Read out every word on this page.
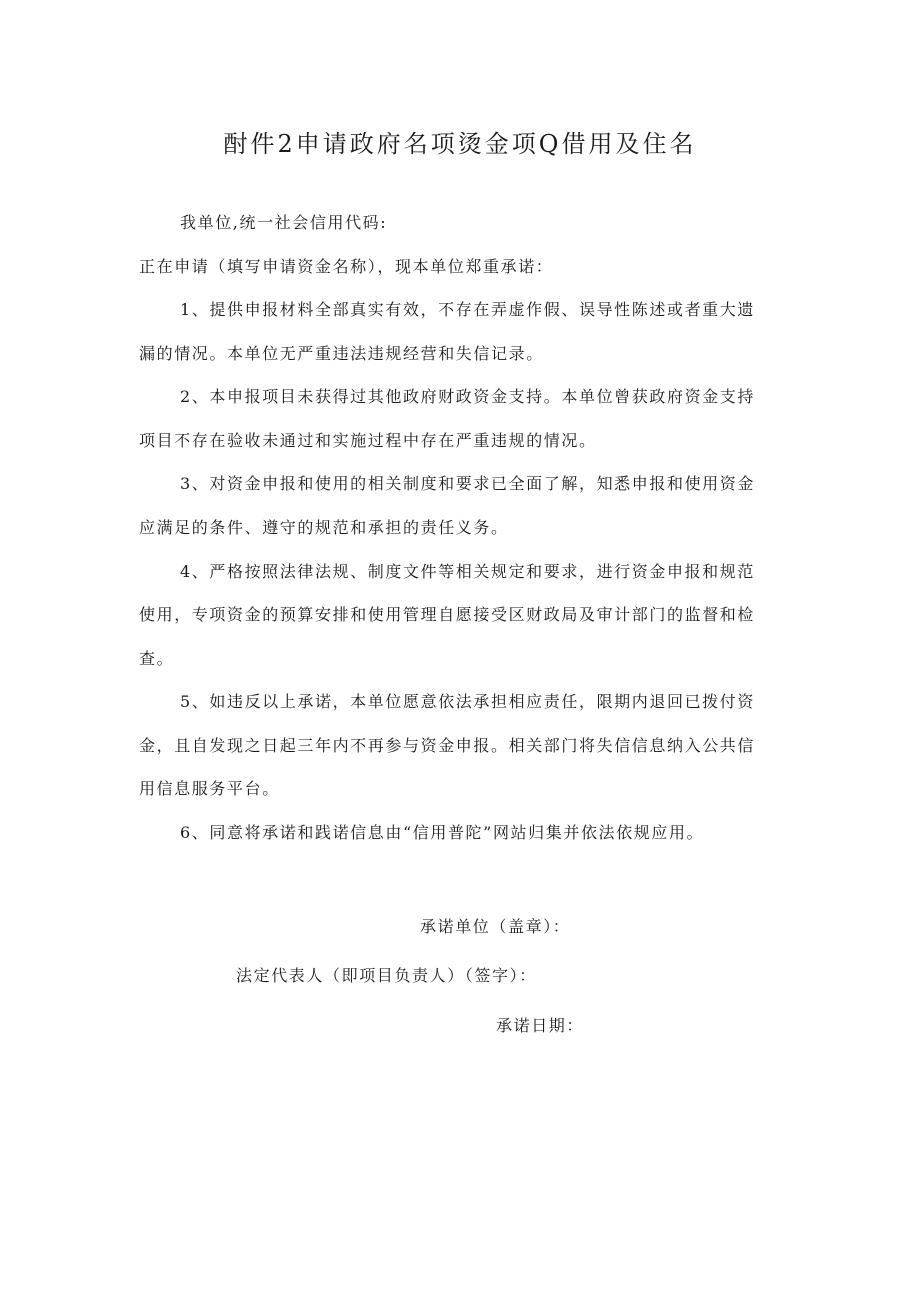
酎件2申请政府名项烫金项Q借用及住名
我单位,统一社会信用代码:
正在申请（填写申请资金名称），现本单位郑重承诺：
1、提供申报材料全部真实有效，不存在弄虚作假、误导性陈述或者重大遗
漏的情况。本单位无严重违法违规经营和失信记录。
2、本申报项目未获得过其他政府财政资金支持。本单位曾获政府资金支持
项目不存在验收未通过和实施过程中存在严重违规的情况。
3、对资金申报和使用的相关制度和要求已全面了解，知悉申报和使用资金
应满足的条件、遵守的规范和承担的责任义务。
4、严格按照法律法规、制度文件等相关规定和要求，进行资金申报和规范
使用，专项资金的预算安排和使用管理自愿接受区财政局及审计部门的监督和检
查。
5、如违反以上承诺，本单位愿意依法承担相应责任，限期内退回已拨付资
金，且自发现之日起三年内不再参与资金申报。相关部门将失信信息纳入公共信
用信息服务平台。
6、同意将承诺和践诺信息由“信用普陀”网站归集并依法依规应用。
承诺单位（盖章）：
法定代表人（即项目负责人）（签字）：
承诺日期：
